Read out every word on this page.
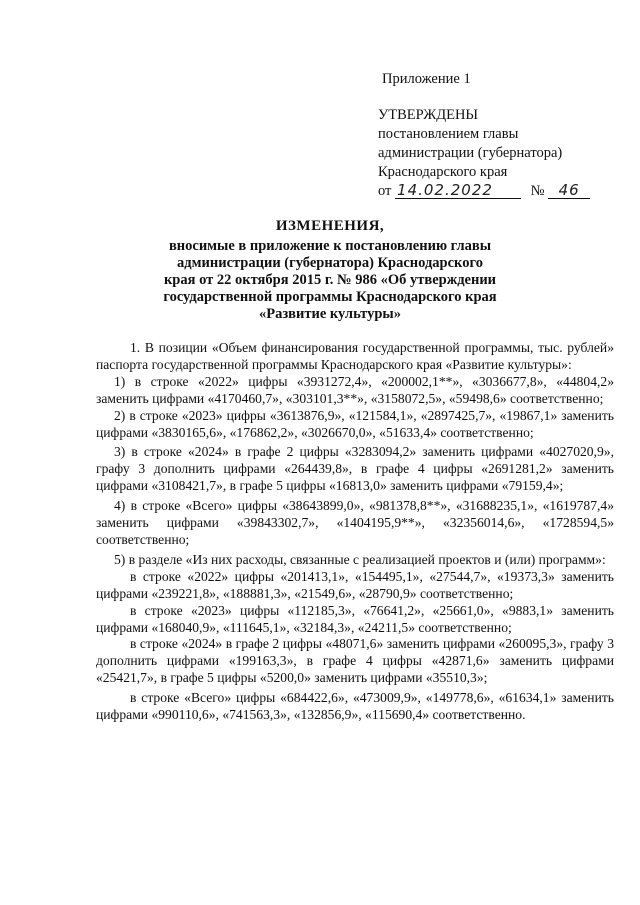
Приложение 1
УТВЕРЖДЕНЫ
постановлением главы
администрации (губернатора)
Краснодарского края
от 14.02.2022	№ 46
ИЗМЕНЕНИЯ,
вносимые в приложение к постановлению главы
администрации (губернатора) Краснодарского
края от 22 октября 2015 г. № 986 «Об утверждении
государственной программы Краснодарского края
«Развитие культуры»

1. В позиции «Объем финансирования государственной программы, тыс. рублей» паспорта государственной программы Краснодарского края «Развитие культуры»:

1) в строке «2022» цифры «3931272,4», «200002,1**», «3036677,8», «44804,2» заменить цифрами «4170460,7», «303101,3**», «3158072,5», «59498,6» соответственно;

2) в строке «2023» цифры «3613876,9», «121584,1», «2897425,7», «19867,1» заменить цифрами «3830165,6», «176862,2», «3026670,0», «51633,4» соответственно;

3) в строке «2024» в графе 2 цифры «3283094,2» заменить цифрами «4027020,9», графу 3 дополнить цифрами «264439,8», в графе 4 цифры «2691281,2» заменить цифрами «3108421,7», в графе 5 цифры «16813,0» заменить цифрами «79159,4»;

4) в строке «Всего» цифры «38643899,0», «981378,8**», «31688235,1», «1619787,4» заменить цифрами «39843302,7», «1404195,9**», «32356014,6», «1728594,5» соответственно;

5) в разделе «Из них расходы, связанные с реализацией проектов и (или) программ»:

в строке «2022» цифры «201413,1», «154495,1», «27544,7», «19373,3» заменить цифрами «239221,8», «188881,3», «21549,6», «28790,9» соответственно;

в строке «2023» цифры «112185,3», «76641,2», «25661,0», «9883,1» заменить цифрами «168040,9», «111645,1», «32184,3», «24211,5» соответственно;

в строке «2024» в графе 2 цифры «48071,6» заменить цифрами «260095,3», графу 3 дополнить цифрами «199163,3», в графе 4 цифры «42871,6» заменить цифрами «25421,7», в графе 5 цифры «5200,0» заменить цифрами «35510,3»;

в строке «Всего» цифры «684422,6», «473009,9», «149778,6», «61634,1» заменить цифрами «990110,6», «741563,3», «132856,9», «115690,4» соответственно.
